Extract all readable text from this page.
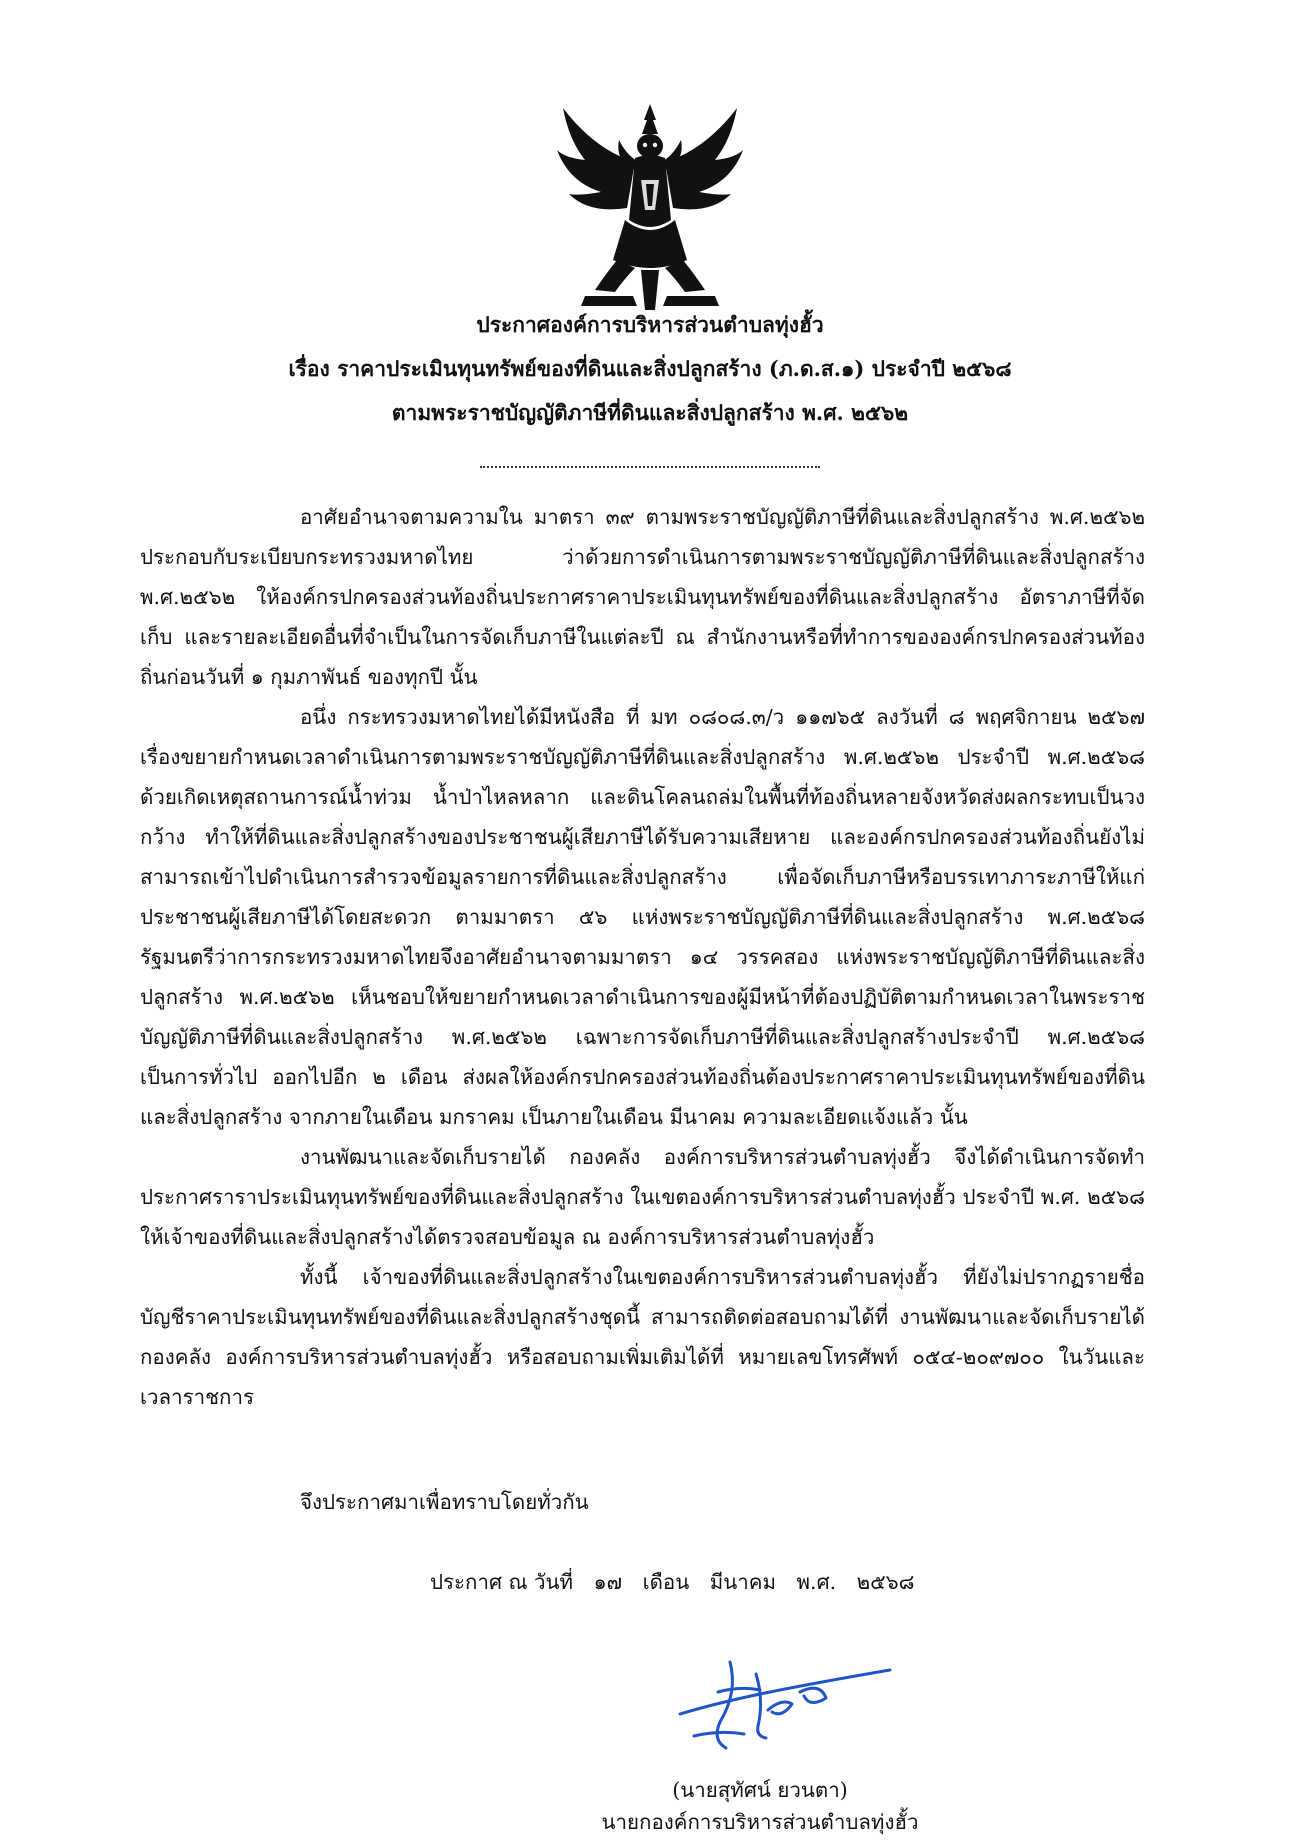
ประกาศองค์การบริหารส่วนตำบลทุ่งฮั้ว
เรื่อง ราคาประเมินทุนทรัพย์ของที่ดินและสิ่งปลูกสร้าง (ภ.ด.ส.๑) ประจำปี ๒๕๖๘
ตามพระราชบัญญัติภาษีที่ดินและสิ่งปลูกสร้าง พ.ศ. ๒๕๖๒

อาศัยอำนาจตามความใน มาตรา ๓๙ ตามพระราชบัญญัติภาษีที่ดินและสิ่งปลูกสร้าง พ.ศ.๒๕๖๒ ประกอบกับระเบียบกระทรวงมหาดไทย ว่าด้วยการดำเนินการตามพระราชบัญญัติภาษีที่ดินและสิ่งปลูกสร้าง พ.ศ.๒๕๖๒ ให้องค์กรปกครองส่วนท้องถิ่นประกาศราคาประเมินทุนทรัพย์ของที่ดินและสิ่งปลูกสร้าง อัตราภาษีที่จัดเก็บ และรายละเอียดอื่นที่จำเป็นในการจัดเก็บภาษีในแต่ละปี ณ สำนักงานหรือที่ทำการขององค์กรปกครองส่วนท้องถิ่นก่อนวันที่ ๑ กุมภาพันธ์ ของทุกปี นั้น

อนึ่ง กระทรวงมหาดไทยได้มีหนังสือ ที่ มท ๐๘๐๘.๓/ว ๑๑๗๖๕ ลงวันที่ ๘ พฤศจิกายน ๒๕๖๗ เรื่องขยายกำหนดเวลาดำเนินการตามพระราชบัญญัติภาษีที่ดินและสิ่งปลูกสร้าง พ.ศ.๒๕๖๒ ประจำปี พ.ศ.๒๕๖๘ ด้วยเกิดเหตุสถานการณ์น้ำท่วม น้ำป่าไหลหลาก และดินโคลนถล่มในพื้นที่ท้องถิ่นหลายจังหวัดส่งผลกระทบเป็นวงกว้าง ทำให้ที่ดินและสิ่งปลูกสร้างของประชาชนผู้เสียภาษีได้รับความเสียหาย และองค์กรปกครองส่วนท้องถิ่นยังไม่สามารถเข้าไปดำเนินการสำรวจข้อมูลรายการที่ดินและสิ่งปลูกสร้าง เพื่อจัดเก็บภาษีหรือบรรเทาภาระภาษีให้แก่ประชาชนผู้เสียภาษีได้โดยสะดวก ตามมาตรา ๕๖ แห่งพระราชบัญญัติภาษีที่ดินและสิ่งปลูกสร้าง พ.ศ.๒๕๖๘ รัฐมนตรีว่าการกระทรวงมหาดไทยจึงอาศัยอำนาจตามมาตรา ๑๔ วรรคสอง แห่งพระราชบัญญัติภาษีที่ดินและสิ่งปลูกสร้าง พ.ศ.๒๕๖๒ เห็นชอบให้ขยายกำหนดเวลาดำเนินการของผู้มีหน้าที่ต้องปฏิบัติตามกำหนดเวลาในพระราชบัญญัติภาษีที่ดินและสิ่งปลูกสร้าง พ.ศ.๒๕๖๒ เฉพาะการจัดเก็บภาษีที่ดินและสิ่งปลูกสร้างประจำปี พ.ศ.๒๕๖๘ เป็นการทั่วไป ออกไปอีก ๒ เดือน ส่งผลให้องค์กรปกครองส่วนท้องถิ่นต้องประกาศราคาประเมินทุนทรัพย์ของที่ดินและสิ่งปลูกสร้าง จากภายในเดือน มกราคม เป็นภายในเดือน มีนาคม ความละเอียดแจ้งแล้ว นั้น

งานพัฒนาและจัดเก็บรายได้ กองคลัง องค์การบริหารส่วนตำบลทุ่งฮั้ว จึงได้ดำเนินการจัดทำประกาศราราประเมินทุนทรัพย์ของที่ดินและสิ่งปลูกสร้าง ในเขตองค์การบริหารส่วนตำบลทุ่งฮั้ว ประจำปี พ.ศ. ๒๕๖๘ ให้เจ้าของที่ดินและสิ่งปลูกสร้างได้ตรวจสอบข้อมูล ณ องค์การบริหารส่วนตำบลทุ่งฮั้ว

ทั้งนี้ เจ้าของที่ดินและสิ่งปลูกสร้างในเขตองค์การบริหารส่วนตำบลทุ่งฮั้ว ที่ยังไม่ปรากฏรายชื่อบัญชีราคาประเมินทุนทรัพย์ของที่ดินและสิ่งปลูกสร้างชุดนี้ สามารถติดต่อสอบถามได้ที่ งานพัฒนาและจัดเก็บรายได้ กองคลัง องค์การบริหารส่วนตำบลทุ่งฮั้ว หรือสอบถามเพิ่มเติมได้ที่ หมายเลขโทรศัพท์ ๐๕๔-๒๐๙๗๐๐ ในวันและเวลาราชการ

จึงประกาศมาเพื่อทราบโดยทั่วกัน
ประกาศ ณ วันที่ ๑๗ เดือน มีนาคม พ.ศ. ๒๕๖๘
(นายสุทัศน์ ยวนตา)
นายกองค์การบริหารส่วนตำบลทุ่งฮั้ว
